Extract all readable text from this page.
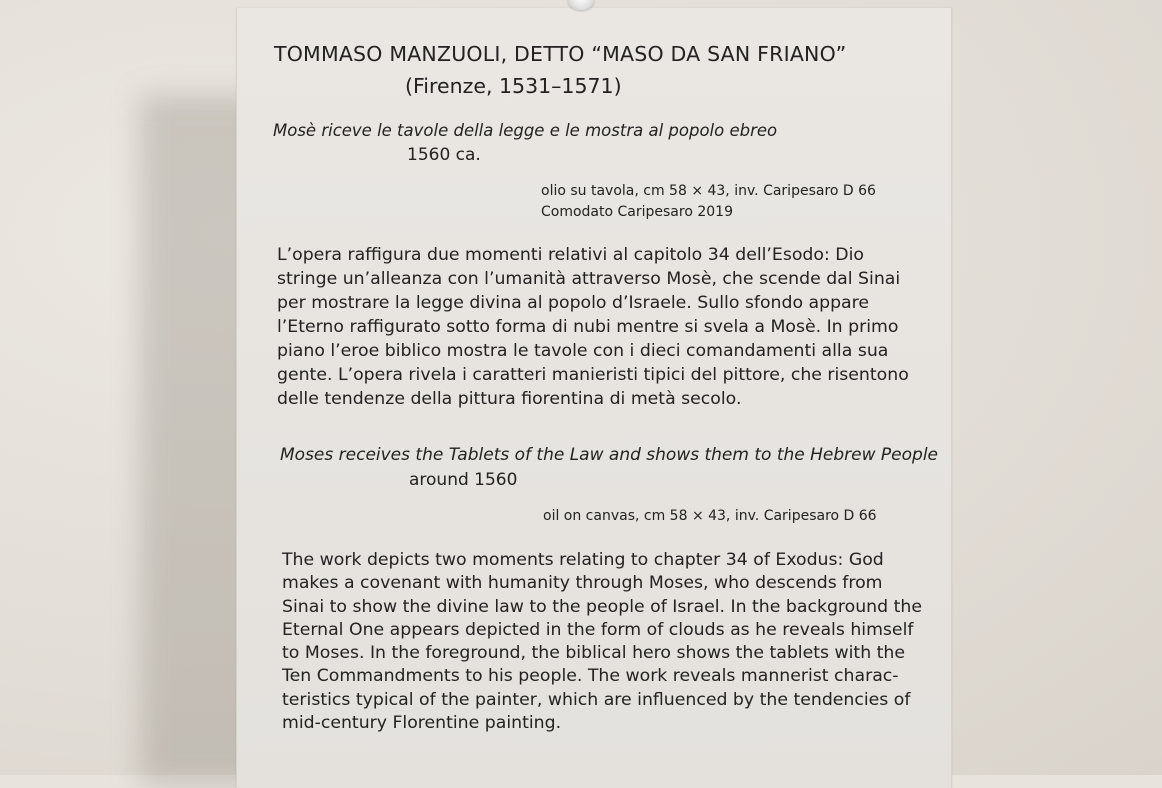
TOMMASO MANZUOLI, DETTO “MASO DA SAN FRIANO”
(Firenze, 1531–1571)
Mosè riceve le tavole della legge e le mostra al popolo ebreo
1560 ca.
olio su tavola, cm 58 × 43, inv. Caripesaro D 66
Comodato Caripesaro 2019
L’opera raffigura due momenti relativi al capitolo 34 dell’Esodo: Dio
stringe un’alleanza con l’umanità attraverso Mosè, che scende dal Sinai
per mostrare la legge divina al popolo d’Israele. Sullo sfondo appare
l’Eterno raffigurato sotto forma di nubi mentre si svela a Mosè. In primo
piano l’eroe biblico mostra le tavole con i dieci comandamenti alla sua
gente. L’opera rivela i caratteri manieristi tipici del pittore, che risentono
delle tendenze della pittura fiorentina di metà secolo.
Moses receives the Tablets of the Law and shows them to the Hebrew People
around 1560
oil on canvas, cm 58 × 43, inv. Caripesaro D 66
The work depicts two moments relating to chapter 34 of Exodus: God
makes a covenant with humanity through Moses, who descends from
Sinai to show the divine law to the people of Israel. In the background the
Eternal One appears depicted in the form of clouds as he reveals himself
to Moses. In the foreground, the biblical hero shows the tablets with the
Ten Commandments to his people. The work reveals mannerist charac-
teristics typical of the painter, which are influenced by the tendencies of
mid-century Florentine painting.
